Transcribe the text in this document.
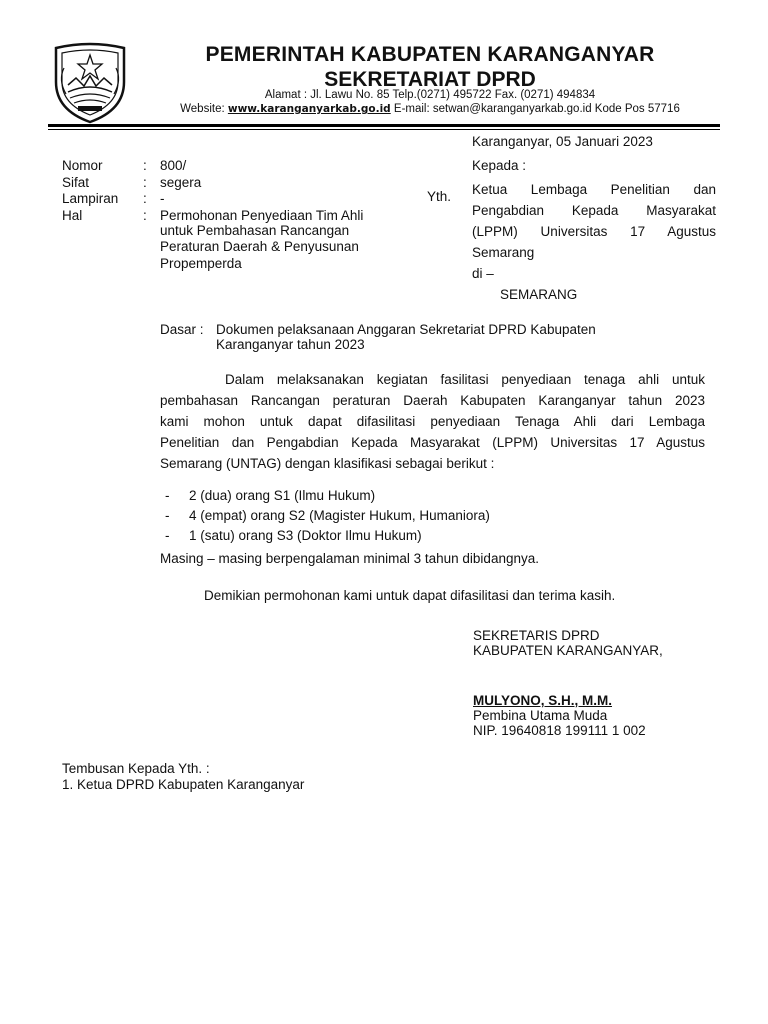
PEMERINTAH KABUPATEN KARANGANYAR
SEKRETARIAT DPRD
Alamat : Jl. Lawu No. 85 Telp.(0271) 495722 Fax. (0271) 494834
Website: www.karanganyarkab.go.id E-mail: setwan@karanganyarkab.go.id Kode Pos 57716
Karanganyar, 05 Januari 2023
Nomor	: 800/
Sifat	: segera
Lampiran : -
Hal	: Permohonan Penyediaan Tim Ahli
untuk Pembahasan Rancangan
Peraturan Daerah & Penyusunan
Propemperda
Yth.
Kepada :
Ketua Lembaga Penelitian dan
Pengabdian Kepada Masyarakat
(LPPM) Universitas 17 Agustus
Semarang
di –
SEMARANG
Dasar : Dokumen pelaksanaan Anggaran Sekretariat DPRD Kabupaten
Karanganyar tahun 2023
Dalam melaksanakan kegiatan fasilitasi penyediaan tenaga ahli untuk
pembahasan Rancangan peraturan Daerah Kabupaten Karanganyar tahun 2023
kami mohon untuk dapat difasilitasi penyediaan Tenaga Ahli dari Lembaga
Penelitian dan Pengabdian Kepada Masyarakat (LPPM) Universitas 17 Agustus
Semarang (UNTAG) dengan klasifikasi sebagai berikut :
- 2 (dua) orang S1 (Ilmu Hukum)
- 4 (empat) orang S2 (Magister Hukum, Humaniora)
- 1 (satu) orang S3 (Doktor Ilmu Hukum)
Masing – masing berpengalaman minimal 3 tahun dibidangnya.
Demikian permohonan kami untuk dapat difasilitasi dan terima kasih.
SEKRETARIS DPRD
KABUPATEN KARANGANYAR,
MULYONO, S.H., M.M.
Pembina Utama Muda
NIP. 19640818 199111 1 002
Tembusan Kepada Yth. :
1. Ketua DPRD Kabupaten Karanganyar
